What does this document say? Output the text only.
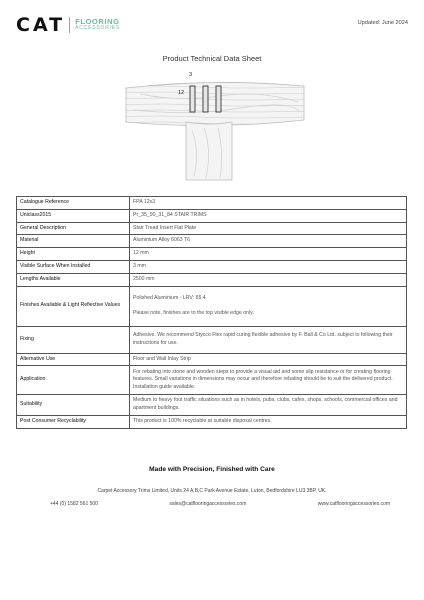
CAT FLOORING
ACCESSORIES
Updated: June 2024
Product Technical Data Sheet
3
12
Catalogue Reference	FPA 12x3
Uniclass2015	Pr_35_90_31_84 STAIR TRIMS
General Description	Stair Tread Insert Flat Plate
Material	Aluminium Alloy 6063 T6
Height	12 mm
Visible Surface When Installed	3 mm
Lengths Available	2500 mm
Finishes Available & Light Reflective Values	Polished Aluminium - LRV: 65.4
Please note, finishes are to the top visible edge only.
Fixing	Adhesive. We recommend Stycco Flex rapid curing flexible adhesive by F. Ball & Co Ltd. subject to following their instructions for use.
Alternative Use	Floor and Wall Inlay Strip
Application	For rebating into stone and wooden steps to provide a visual aid and some slip resistance or for creating flooring features. Small variations in dimensions may occur and therefore rebating should be to suit the delivered product. Installation guide available.
Suitability	Medium to heavy foot traffic situations such as in hotels, pubs, clubs, cafes, shops, schools, commercial offices and apartment buildings.
Post Consumer Recyclability	This product is 100% recyclable at suitable disposal centres.
Made with Precision, Finished with Care
Carpet Accessory Trims Limited, Units 24 A,B,C Park Avenue Estate, Luton, Bedfordshire LU3 3BP, UK.
+44 (0) 1582 561 500	sales@catflooringaccessories.com	www.catflooringaccessories.com
